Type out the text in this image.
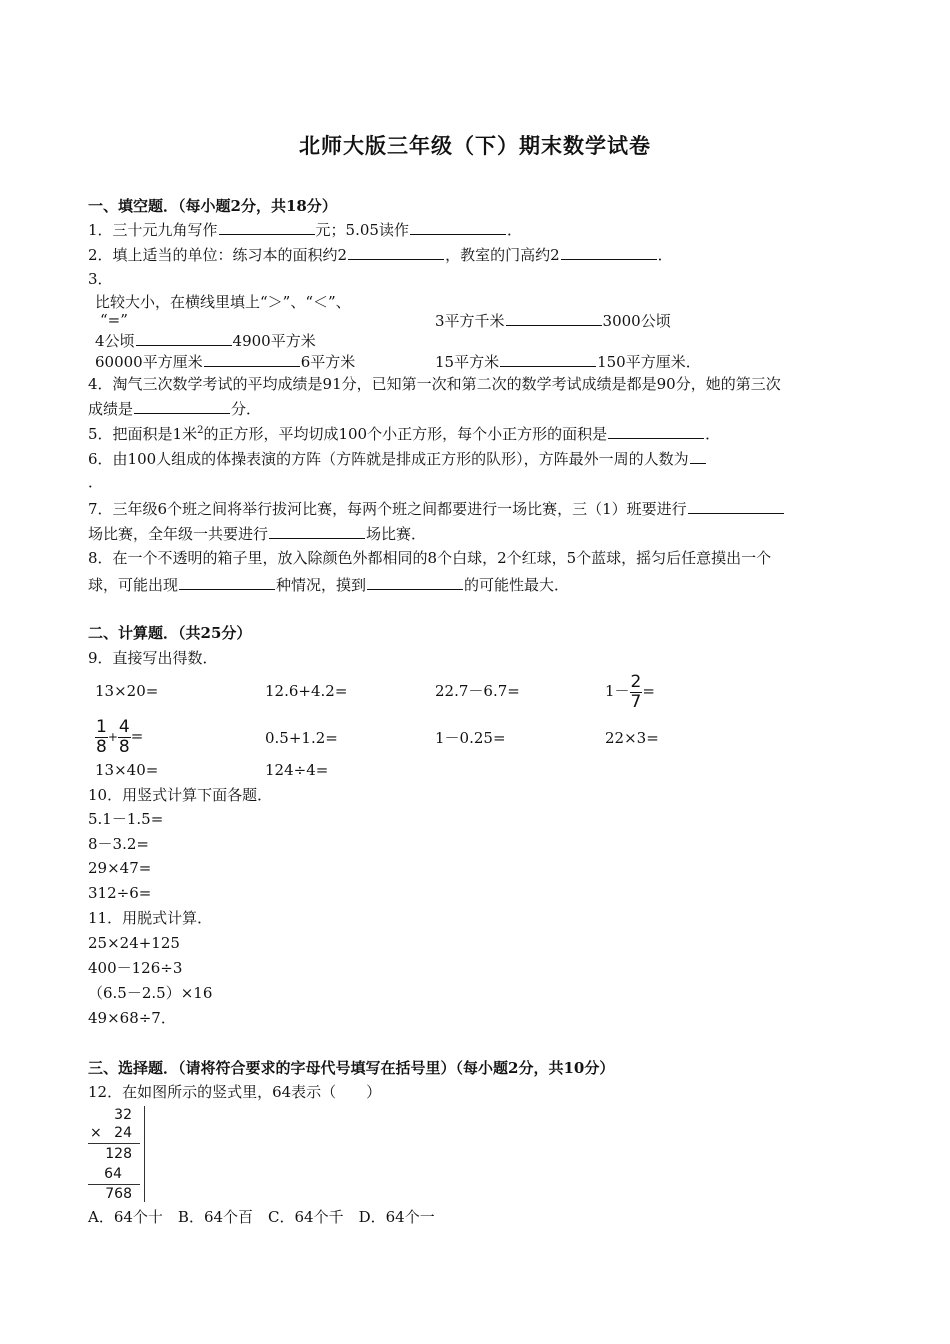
北师大版三年级（下）期末数学试卷
一、填空题．（每小题2分，共18分）
1．三十元九角写作	元；5.05读作	．
2．填上适当的单位：练习本的面积约2	，教室的门高约2	．
3．
比较大小，在横线里填上“＞”、“＜”、
“=”	3平方千米	3000公顷
4公顷	4900平方米
60000平方厘米	6平方米	15平方米	150平方厘米．
4．淘气三次数学考试的平均成绩是91分，已知第一次和第二次的数学考试成绩是都是90分，她的第三次
成绩是	分．
5．把面积是1米$^2$的正方形，平均切成100个小正方形，每个小正方形的面积是	．
6．由100人组成的体操表演的方阵（方阵就是排成正方形的队形），方阵最外一周的人数为
．
7．三年级6个班之间将举行拔河比赛，每两个班之间都要进行一场比赛，三（1）班要进行
场比赛，全年级一共要进行	场比赛．
8．在一个不透明的箱子里，放入除颜色外都相同的8个白球，2个红球，5个蓝球，摇匀后任意摸出一个
球，可能出现	种情况，摸到	的可能性最大．
二、计算题．（共25分）
9．直接写出得数．
13×20=	12.6+4.2=	22.7－6.7=	$1- \frac{2}{7}$ =
$\frac{1}{8} + \frac{4}{8}$ =	0.5+1.2=	1－0.25=	22×3=
13×40=	124÷4=
10．用竖式计算下面各题．
5.1－1.5=
8－3.2=
29×47=
312÷6=
11．用脱式计算．
25×24+125
400－126÷3
（6.5－2.5）×16
49×68÷7．
三、选择题．（请将符合要求的字母代号填写在括号里）（每小题2分，共10分）
12．在如图所示的竖式里，64表示（　　）
32
× 24
128
64
768
A．64个十　B．64个百　C．64个千　D．64个一
